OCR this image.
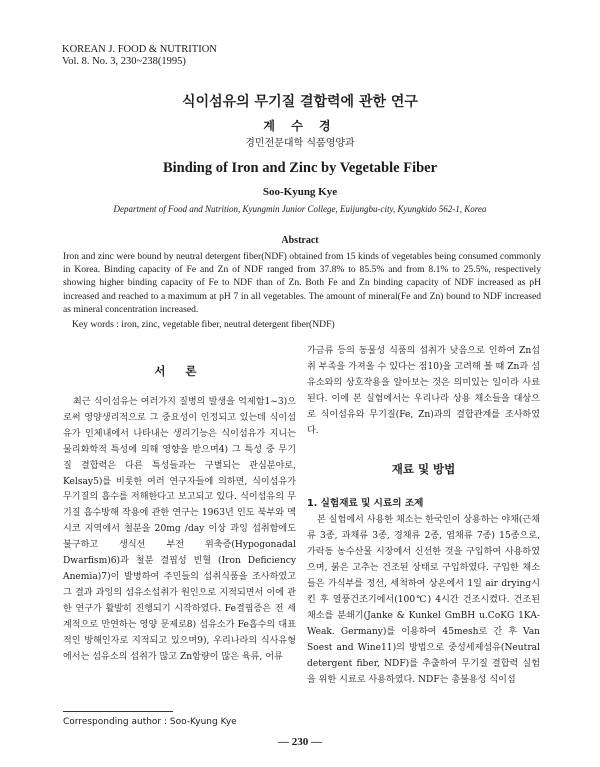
KOREAN J. FOOD & NUTRITION
Vol. 8. No. 3, 230~238(1995)
식이섬유의 무기질 결합력에 관한 연구
계 수 경
경민전문대학 식품영양과
Binding of Iron and Zinc by Vegetable Fiber
Soo-Kyung Kye
Department of Food and Nutrition, Kyungmin Junior College, Euijungbu-city, Kyungkido 562-1, Korea
Abstract
Iron and zinc were bound by neutral detergent fiber(NDF) obtained from 15 kinds of vegetables being consumed commonly in Korea. Binding capacity of Fe and Zn of NDF ranged from 37.8% to 85.5% and from 8.1% to 25.5%, respectively showing higher binding capacity of Fe to NDF than of Zn. Both Fe and Zn binding capacity of NDF increased as pH increased and reached to a maximum at pH 7 in all vegetables. The amount of mineral(Fe and Zn) bound to NDF increased as mineral concentration increased.
Key words : iron, zinc, vegetable fiber, neutral detergent fiber(NDF)
서 론

최근 식이섬유는 여러가지 질병의 발생을 억제함1~3)으로써 영양생리적으로 그 중요성이 인정되고 있는데 식이섬유가 인체내에서 나타내는 생리기능은 식이섬유가 지니는 물리화학적 특성에 의해 영향을 받으며4) 그 특성 중 무기질 결합력은 다른 특성들과는 구별되는 관심분야로, Kelsay5)를 비롯한 여러 연구자들에 의하면, 식이섬유가 무기질의 흡수를 저해한다고 보고되고 있다. 식이섬유의 무기질 흡수방해 작용에 관한 연구는 1963년 인도 북부와 멕시코 지역에서 철분을 20mg /day 이상 과잉 섭취함에도 불구하고 생식선 부전 위축증(Hypogonadal Dwarfism)6)과 철분 결핍성 빈혈 (Iron Deficiency Anemia)7)이 발병하여 주민들의 섭취식품을 조사하였고 그 결과 과잉의 섬유소섭취가 원인으로 지적되면서 이에 관한 연구가 활발히 진행되기 시작하였다. Fe결핍증은 전 세계적으로 만연하는 영양 문제로8) 섬유소가 Fe흡수의 대표적인 방해인자로 지적되고 있으며9), 우리나라의 식사유형에서는 섬유소의 섭취가 많고 Zn함량이 많은 육류, 어류

가금류 등의 동물성 식품의 섭취가 낮음으로 인하여 Zn섭취 부족을 가져올 수 있다는 점10)을 고려해 볼 때 Zn과 섬유소와의 상호작용을 알아보는 것은 의미있는 일이라 사료된다. 이에 본 실험에서는 우리나라 상용 채소들을 대상으로 식이섬유와 무기질(Fe, Zn)과의 결합관계를 조사하였다.

재료 및 방법
1. 실험재료 및 시료의 조제

본 실험에서 사용한 채소는 한국인이 상용하는 야채(근채류 3종, 과채류 3종, 경채류 2종, 엽채류 7종) 15종으로, 가락동 농수산물 시장에서 신선한 것을 구입하여 사용하였으며, 붉은 고추는 건조된 상태로 구입하였다. 구입한 채소들은 가식부를 정선, 세척하여 상온에서 1일 air drying시킨 후 열풍건조기에서(100℃) 4시간 건조시켰다. 건조된 채소를 분쇄기(Janke & Kunkel GmBH u.CoKG 1KA-Weak. Germany)를 이용하여 45mesh로 간 후 Van Soest and Wine11)의 방법으로 중성세제섬유(Neutral detergent fiber, NDF)를 추출하여 무기질 결합력 실험을 위한 시료로 사용하였다. NDF는 총불용성 식이섬

Corresponding author : Soo-Kyung Kye
— 230 —
